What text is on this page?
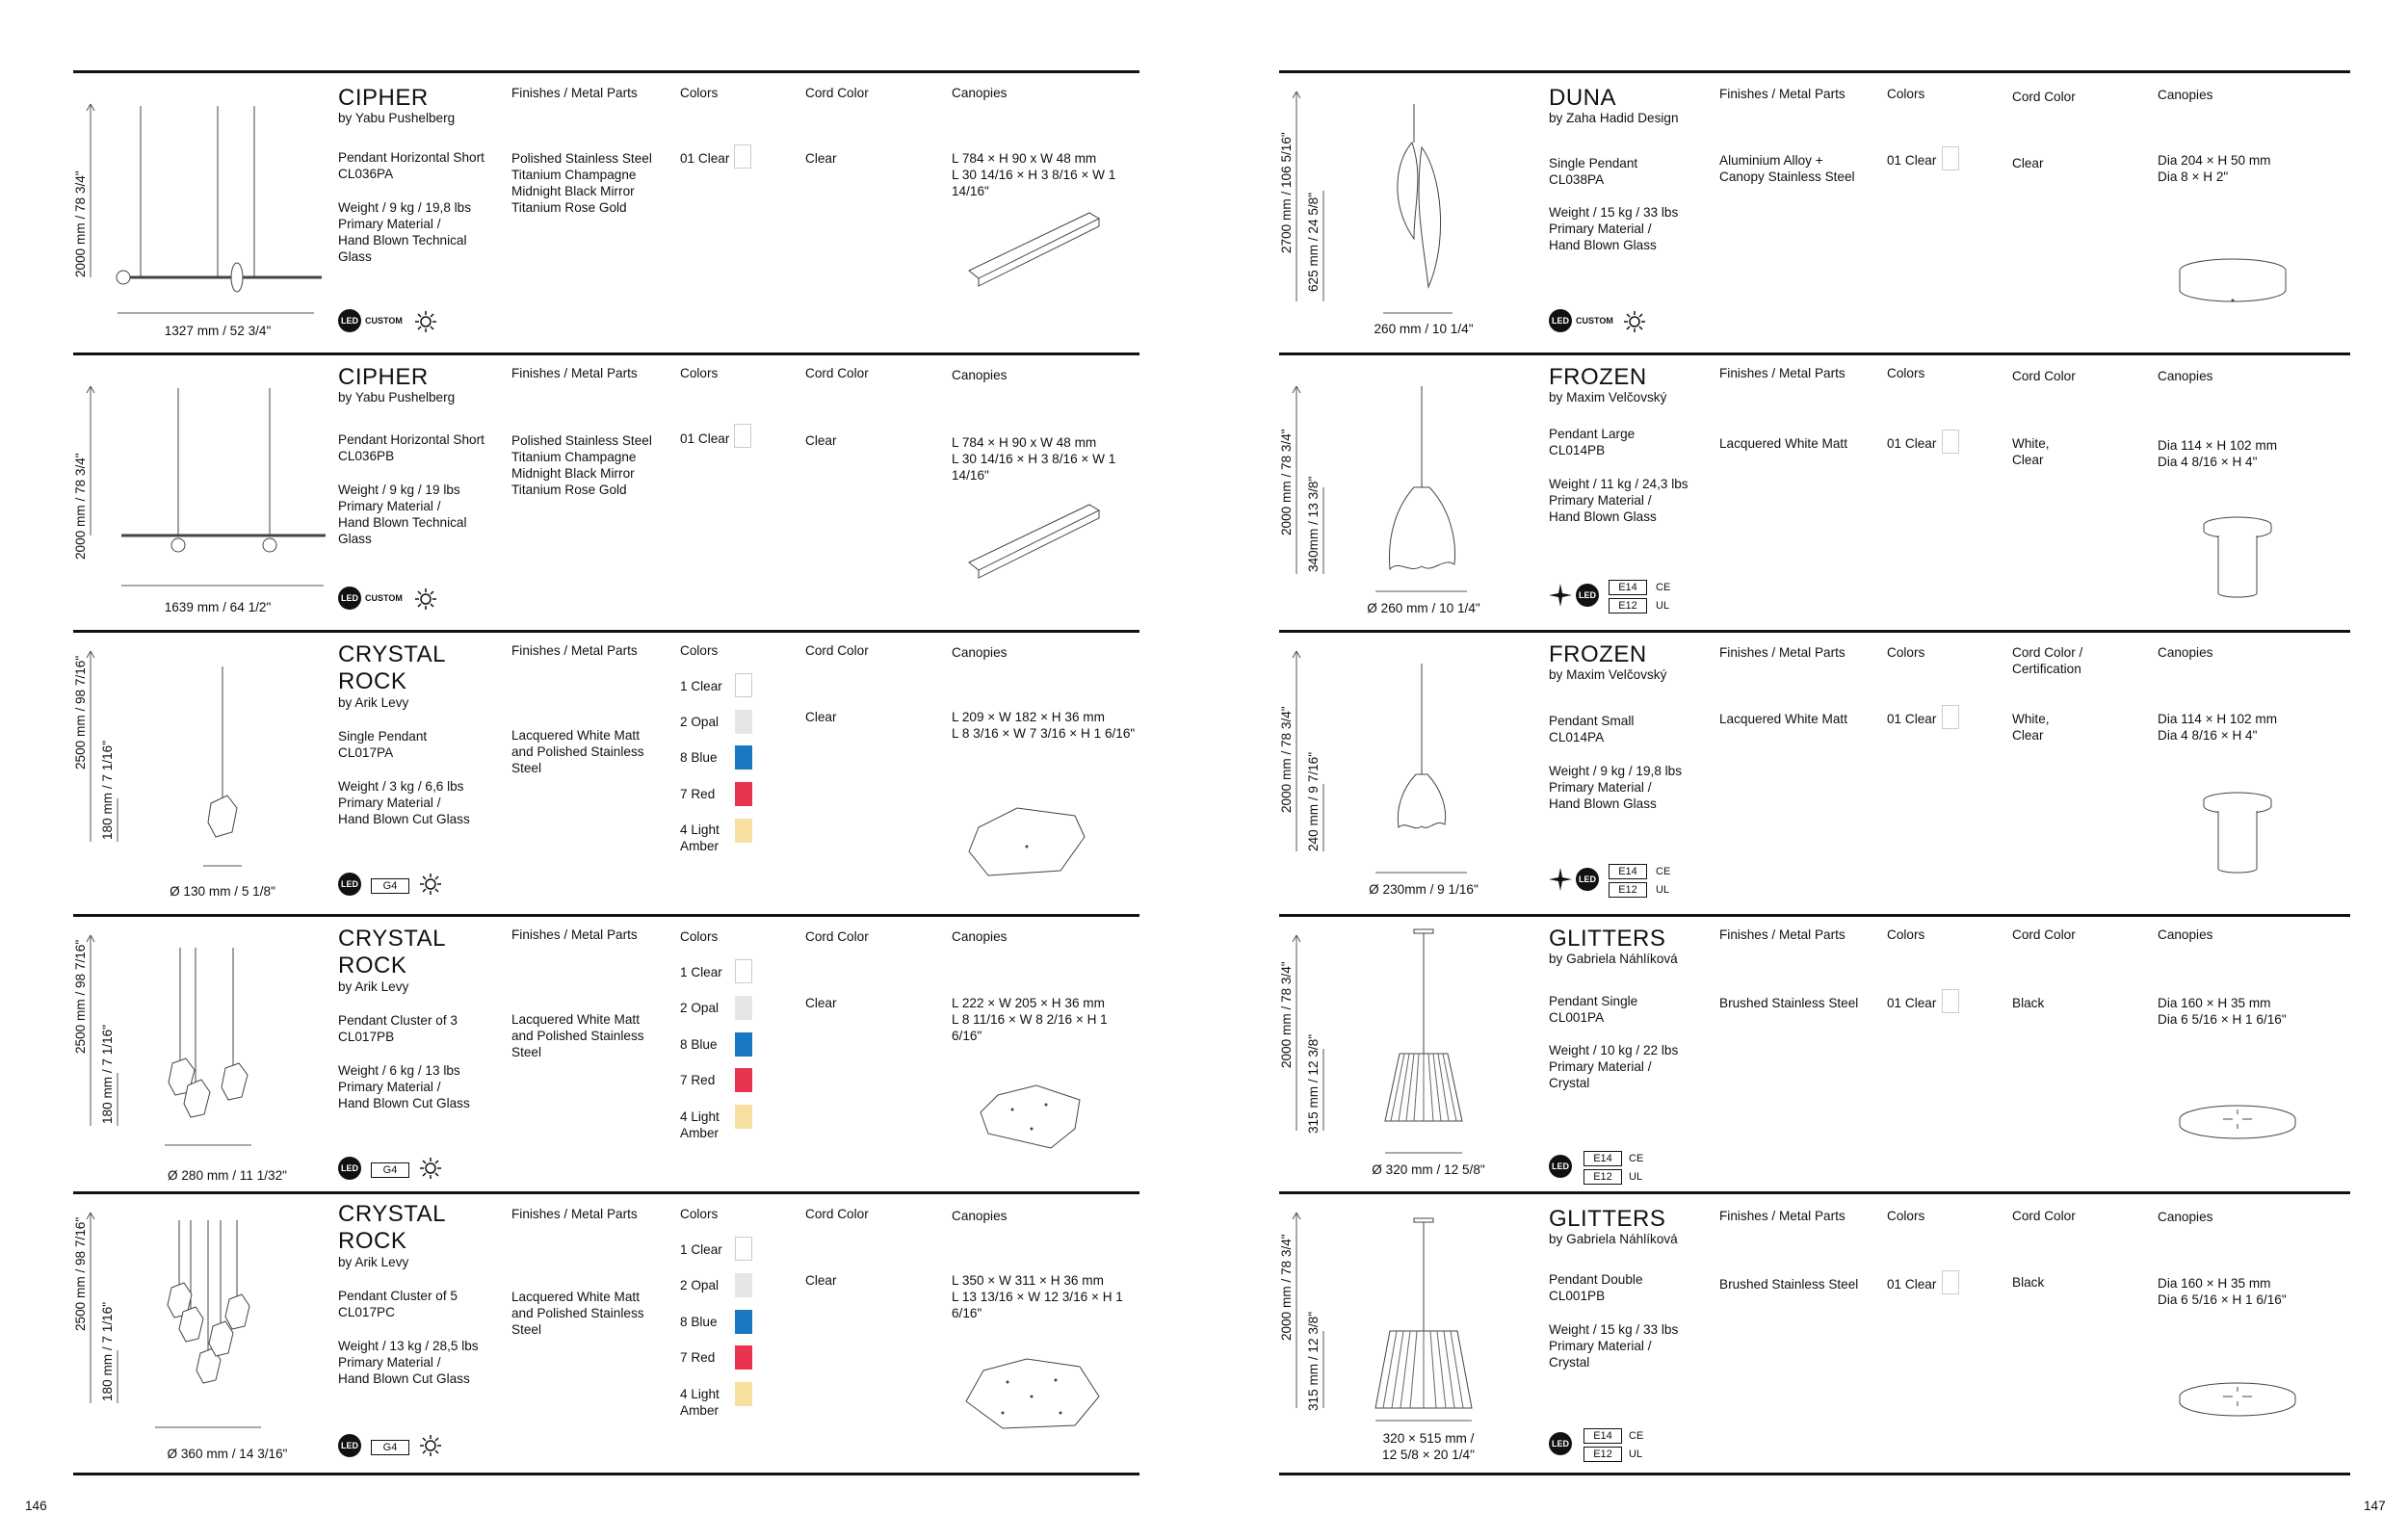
2000 mm / 78 3/4"
1327 mm / 52 3/4"
CIPHER
by Yabu Pushelberg
Pendant Horizontal Short
CL036PA
Weight / 9 kg / 19,8 lbs
Primary Material /
Hand Blown Technical
Glass
LED CUSTOM
Finishes / Metal Parts
Polished Stainless Steel
Titanium Champagne
Midnight Black Mirror
Titanium Rose Gold
Colors
01 Clear
Cord Color
Clear
Canopies
L 784 × H 90 x W 48 mm
L 30 14/16 × H 3 8/16 × W 1 14/16"
2000 mm / 78 3/4"
1639 mm / 64 1/2"
CIPHER
by Yabu Pushelberg
Pendant Horizontal Short
CL036PB
Weight / 9 kg / 19 lbs
Primary Material /
Hand Blown Technical
Glass
LED CUSTOM
Finishes / Metal Parts
Polished Stainless Steel
Titanium Champagne
Midnight Black Mirror
Titanium Rose Gold
Colors
01 Clear
Cord Color
Clear
Canopies
L 784 × H 90 x W 48 mm
L 30 14/16 × H 3 8/16 × W 1 14/16"
2500 mm / 98 7/16"
180 mm / 7 1/16"
Ø 130 mm / 5 1/8"
CRYSTAL
ROCK
by Arik Levy
Single Pendant
CL017PA
Weight / 3 kg / 6,6 lbs
Primary Material /
Hand Blown Cut Glass
LED	G4
Finishes / Metal Parts
Lacquered White Matt
and Polished Stainless
Steel
Colors
1 Clear
2 Opal
8 Blue
7 Red
4 Light
Amber
Cord Color
Clear
Canopies
L 209 × W 182 × H 36 mm
L 8 3/16 × W 7 3/16 × H 1 6/16"
2500 mm / 98 7/16"
180 mm / 7 1/16"
Ø 280 mm / 11 1/32"
CRYSTAL
ROCK
by Arik Levy
Pendant Cluster of 3
CL017PB
Weight / 6 kg / 13 lbs
Primary Material /
Hand Blown Cut Glass
LED	G4
Finishes / Metal Parts
Lacquered White Matt
and Polished Stainless
Steel
Colors
1 Clear
2 Opal
8 Blue
7 Red
4 Light
Amber
Cord Color
Clear
Canopies
L 222 × W 205 × H 36 mm
L 8 11/16 × W 8 2/16 × H 1 6/16"
2500 mm / 98 7/16"
180 mm / 7 1/16"
Ø 360 mm / 14 3/16"
CRYSTAL
ROCK
by Arik Levy
Pendant Cluster of 5
CL017PC
Weight / 13 kg / 28,5 lbs
Primary Material /
Hand Blown Cut Glass
LED	G4
Finishes / Metal Parts
Lacquered White Matt
and Polished Stainless
Steel
Colors
1 Clear
2 Opal
8 Blue
7 Red
4 Light
Amber
Cord Color
Clear
Canopies
L 350 × W 311 × H 36 mm
L 13 13/16 × W 12 3/16 × H 1 6/16"
146
2700 mm / 106 5/16" 625 mm / 24 5/8"
260 mm / 10 1/4"
DUNA
by Zaha Hadid Design
Single Pendant
CL038PA
Weight / 15 kg / 33 lbs
Primary Material /
Hand Blown Glass
LED CUSTOM
Finishes / Metal Parts
Aluminium Alloy +
Canopy Stainless Steel
Colors
01 Clear
Cord Color
Clear
Canopies
Dia 204 × H 50 mm
Dia 8 × H 2"
2000 mm / 78 3/4" 340mm / 13 3/8"
Ø 260 mm / 10 1/4"
FROZEN
by Maxim Velčovský
Pendant Large
CL014PB
Weight / 11 kg / 24,3 lbs
Primary Material /
Hand Blown Glass
LED
E14	CE
E12	UL
Finishes / Metal Parts
Lacquered White Matt
Colors
01 Clear
Cord Color
White,
Clear
Canopies
Dia 114 × H 102 mm
Dia 4 8/16 × H 4"
2000 mm / 78 3/4" 240 mm / 9 7/16"
Ø 230mm / 9 1/16"
FROZEN
by Maxim Velčovský
Pendant Small
CL014PA
Weight / 9 kg / 19,8 lbs
Primary Material /
Hand Blown Glass
LED
E14	CE
E12	UL
Finishes / Metal Parts
Lacquered White Matt
Colors
01 Clear
Cord Color / Certification
White,
Clear
Canopies
Dia 114 × H 102 mm
Dia 4 8/16 × H 4"
2000 mm / 78 3/4"
315 mm / 12 3/8"
Ø 320 mm / 12 5/8"
GLITTERS
by Gabriela Náhlíková
Pendant Single
CL001PA
Weight / 10 kg / 22 lbs
Primary Material /
Crystal
LED
E14	CE
E12	UL
Finishes / Metal Parts
Brushed Stainless Steel
Colors
01 Clear
Cord Color
Black
Canopies
Dia 160 × H 35 mm
Dia 6 5/16 × H 1 6/16"
2000 mm / 78 3/4"
315 mm / 12 3/8"
320 × 515 mm /
12 5/8 × 20 1/4"
GLITTERS
by Gabriela Náhlíková
Pendant Double
CL001PB
Weight / 15 kg / 33 lbs
Primary Material /
Crystal
LED
E14	CE
E12	UL
Finishes / Metal Parts
Brushed Stainless Steel
Colors
01 Clear
Cord Color
Black
Canopies
Dia 160 × H 35 mm
Dia 6 5/16 × H 1 6/16"
147
